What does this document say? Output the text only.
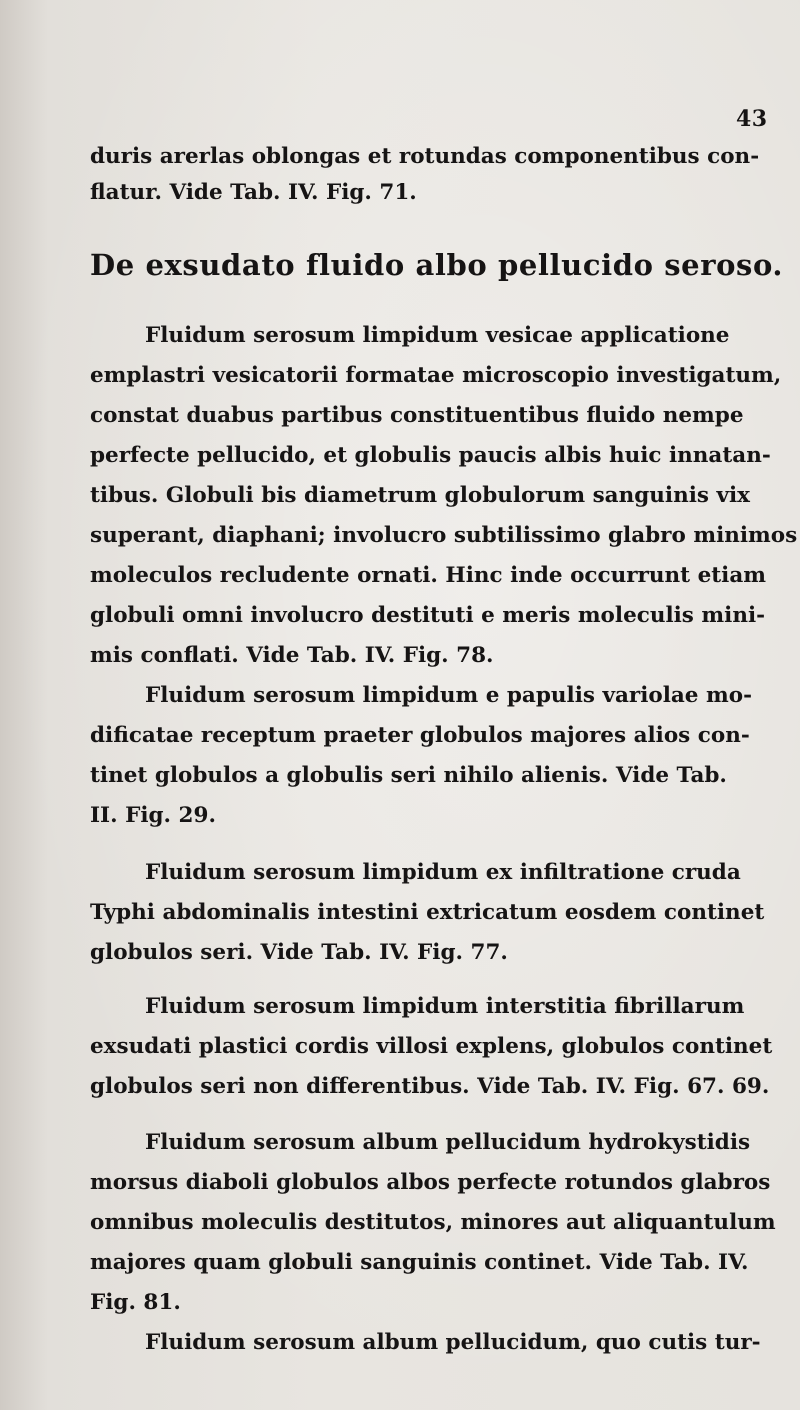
43
duris arerlas oblongas et rotundas componentibus con-
flatur. Vide Tab. IV. Fig. 71.
De exsudato fluido albo pellucido seroso.
Fluidum serosum limpidum vesicae applicatione
emplastri vesicatorii formatae microscopio investigatum,
constat duabus partibus constituentibus fluido nempe
perfecte pellucido, et globulis paucis albis huic innatan-
tibus. Globuli bis diametrum globulorum sanguinis vix
superant, diaphani; involucro subtilissimo glabro minimos
moleculos recludente ornati. Hinc inde occurrunt etiam
globuli omni involucro destituti e meris moleculis mini-
mis conflati. Vide Tab. IV. Fig. 78.
Fluidum serosum limpidum e papulis variolae mo-
dificatae receptum praeter globulos majores alios con-
tinet globulos a globulis seri nihilo alienis. Vide Tab.
II. Fig. 29.
Fluidum serosum limpidum ex infiltratione cruda
Typhi abdominalis intestini extricatum eosdem continet
globulos seri. Vide Tab. IV. Fig. 77.
Fluidum serosum limpidum interstitia fibrillarum
exsudati plastici cordis villosi explens, globulos continet
globulos seri non differentibus. Vide Tab. IV. Fig. 67. 69.
Fluidum serosum album pellucidum hydrokystidis
morsus diaboli globulos albos perfecte rotundos glabros
omnibus moleculis destitutos, minores aut aliquantulum
majores quam globuli sanguinis continet. Vide Tab. IV.
Fig. 81.
Fluidum serosum album pellucidum, quo cutis tur-
